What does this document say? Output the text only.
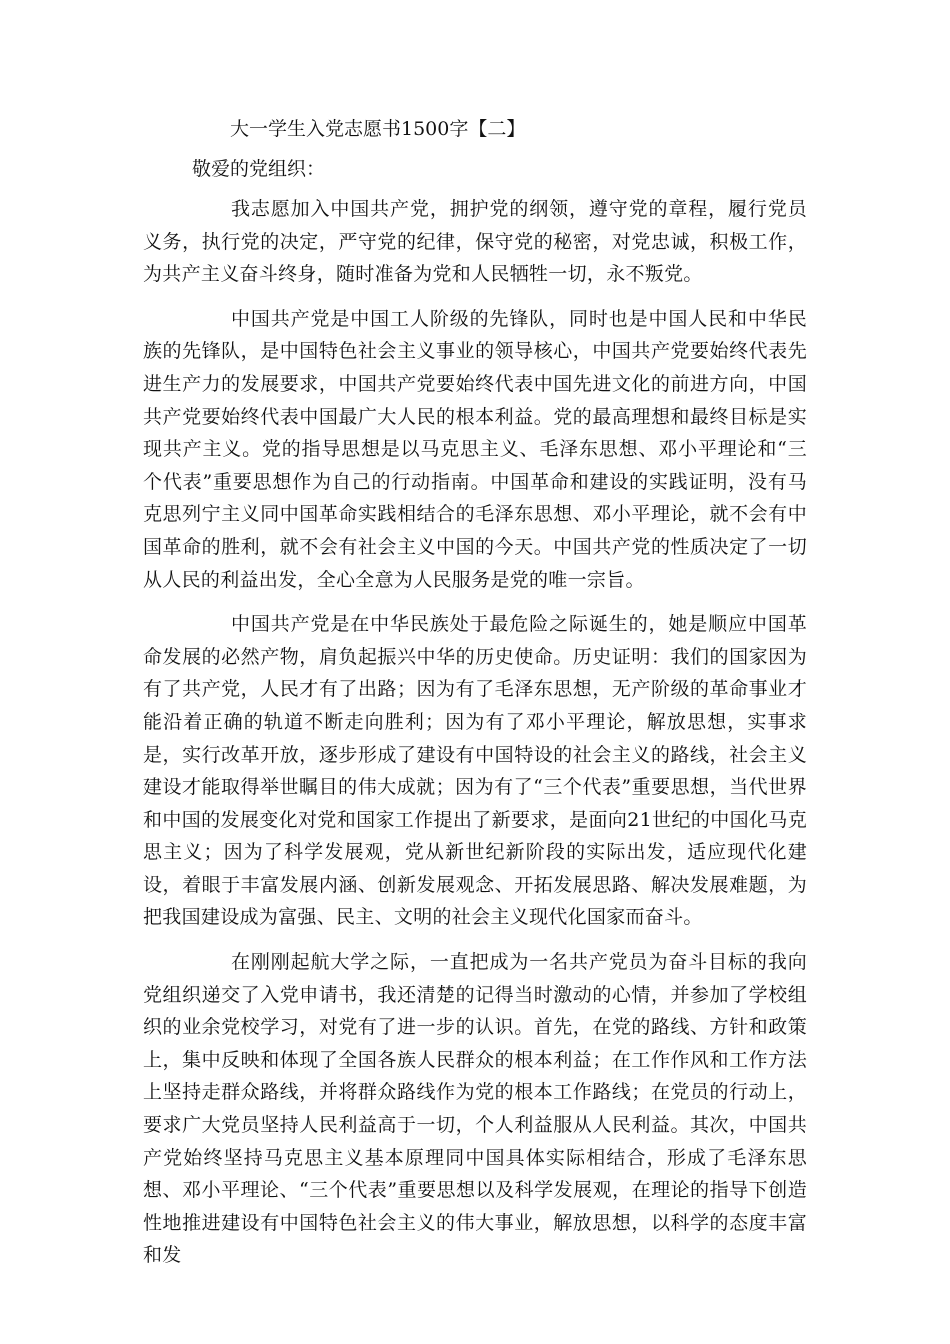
大一学生入党志愿书1500字【二】
敬爱的党组织：

我志愿加入中国共产党，拥护党的纲领，遵守党的章程，履行党员义务，执行党的决定，严守党的纪律，保守党的秘密，对党忠诚，积极工作，为共产主义奋斗终身，随时准备为党和人民牺牲一切，永不叛党。

中国共产党是中国工人阶级的先锋队，同时也是中国人民和中华民族的先锋队，是中国特色社会主义事业的领导核心，中国共产党要始终代表先进生产力的发展要求，中国共产党要始终代表中国先进文化的前进方向，中国共产党要始终代表中国最广大人民的根本利益。党的最高理想和最终目标是实现共产主义。党的指导思想是以马克思主义、毛泽东思想、邓小平理论和“三个代表”重要思想作为自己的行动指南。中国革命和建设的实践证明，没有马克思列宁主义同中国革命实践相结合的毛泽东思想、邓小平理论，就不会有中国革命的胜利，就不会有社会主义中国的今天。中国共产党的性质决定了一切从人民的利益出发，全心全意为人民服务是党的唯一宗旨。

中国共产党是在中华民族处于最危险之际诞生的，她是顺应中国革命发展的必然产物，肩负起振兴中华的历史使命。历史证明：我们的国家因为有了共产党，人民才有了出路；因为有了毛泽东思想，无产阶级的革命事业才能沿着正确的轨道不断走向胜利；因为有了邓小平理论，解放思想，实事求是，实行改革开放，逐步形成了建设有中国特设的社会主义的路线，社会主义建设才能取得举世瞩目的伟大成就；因为有了“三个代表”重要思想，当代世界和中国的发展变化对党和国家工作提出了新要求，是面向21世纪的中国化马克思主义；因为了科学发展观，党从新世纪新阶段的实际出发，适应现代化建设，着眼于丰富发展内涵、创新发展观念、开拓发展思路、解决发展难题，为把我国建设成为富强、民主、文明的社会主义现代化国家而奋斗。

在刚刚起航大学之际，一直把成为一名共产党员为奋斗目标的我向党组织递交了入党申请书，我还清楚的记得当时激动的心情，并参加了学校组织的业余党校学习，对党有了进一步的认识。首先，在党的路线、方针和政策上，集中反映和体现了全国各族人民群众的根本利益；在工作作风和工作方法上坚持走群众路线，并将群众路线作为党的根本工作路线；在党员的行动上，要求广大党员坚持人民利益高于一切，个人利益服从人民利益。其次，中国共产党始终坚持马克思主义基本原理同中国具体实际相结合，形成了毛泽东思想、邓小平理论、“三个代表”重要思想以及科学发展观，在理论的指导下创造性地推进建设有中国特色社会主义的伟大事业，解放思想，以科学的态度丰富和发
